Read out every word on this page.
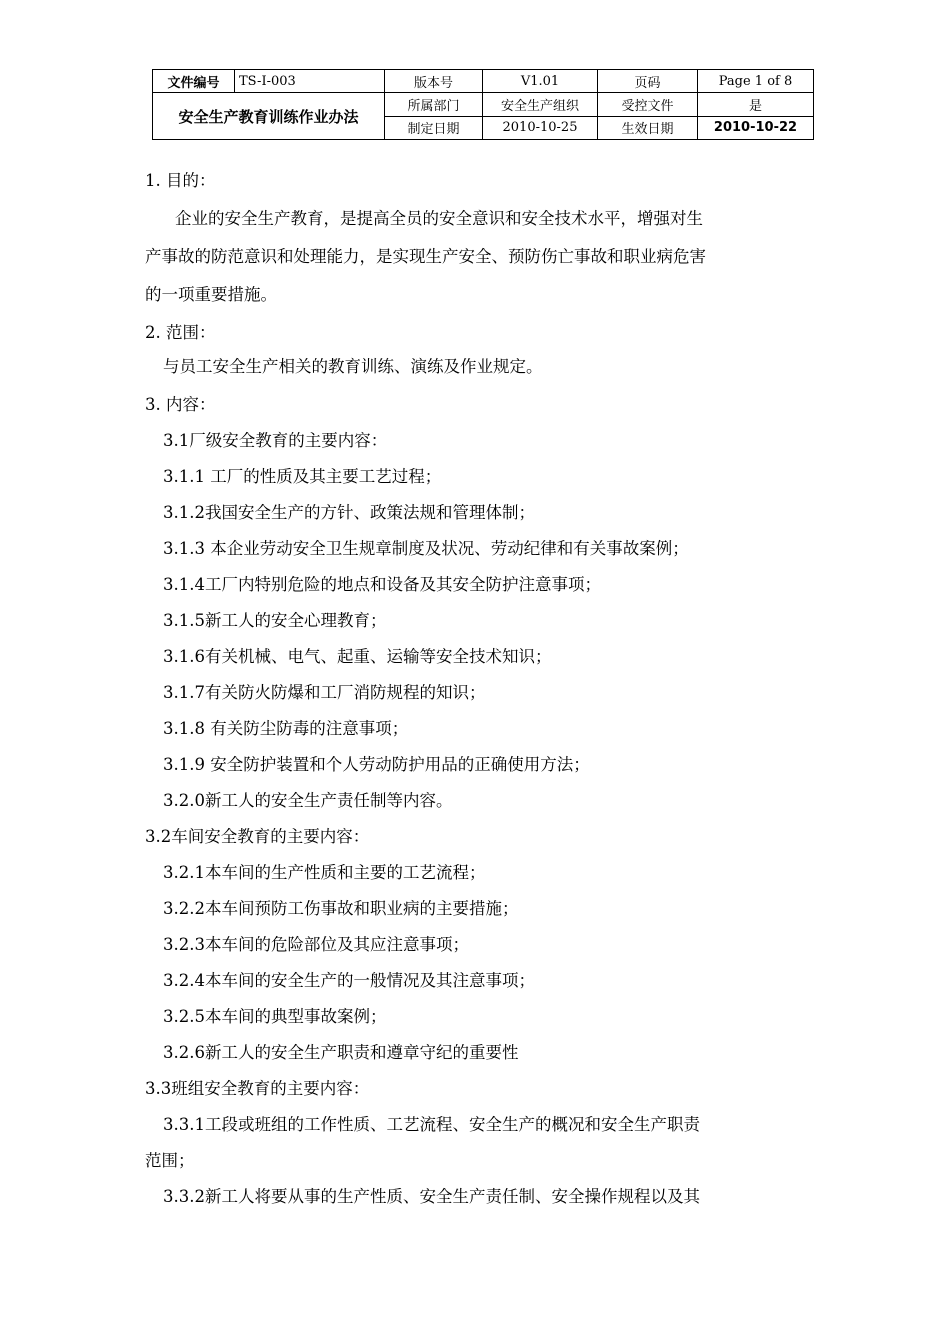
文件编号	TS-I-003	版本号	V1.01	页码	Page 1 of 8
安全生产教育训练作业办法		所属部门	安全生产组织	受控文件	是
		制定日期	2010-10-25	生效日期	2010-10-22
1. 目的：
企业的安全生产教育，是提高全员的安全意识和安全技术水平，增强对生
产事故的防范意识和处理能力，是实现生产安全、预防伤亡事故和职业病危害
的一项重要措施。
2. 范围：
与员工安全生产相关的教育训练、演练及作业规定。
3. 内容：
3.1厂级安全教育的主要内容：
3.1.1 工厂的性质及其主要工艺过程；
3.1.2我国安全生产的方针、政策法规和管理体制；
3.1.3 本企业劳动安全卫生规章制度及状况、劳动纪律和有关事故案例；
3.1.4工厂内特别危险的地点和设备及其安全防护注意事项；
3.1.5新工人的安全心理教育；
3.1.6有关机械、电气、起重、运输等安全技术知识；
3.1.7有关防火防爆和工厂消防规程的知识；
3.1.8 有关防尘防毒的注意事项；
3.1.9 安全防护装置和个人劳动防护用品的正确使用方法；
3.2.0新工人的安全生产责任制等内容。
3.2车间安全教育的主要内容：
3.2.1本车间的生产性质和主要的工艺流程；
3.2.2本车间预防工伤事故和职业病的主要措施；
3.2.3本车间的危险部位及其应注意事项；
3.2.4本车间的安全生产的一般情况及其注意事项；
3.2.5本车间的典型事故案例；
3.2.6新工人的安全生产职责和遵章守纪的重要性
3.3班组安全教育的主要内容：
3.3.1工段或班组的工作性质、工艺流程、安全生产的概况和安全生产职责
范围；
3.3.2新工人将要从事的生产性质、安全生产责任制、安全操作规程以及其
